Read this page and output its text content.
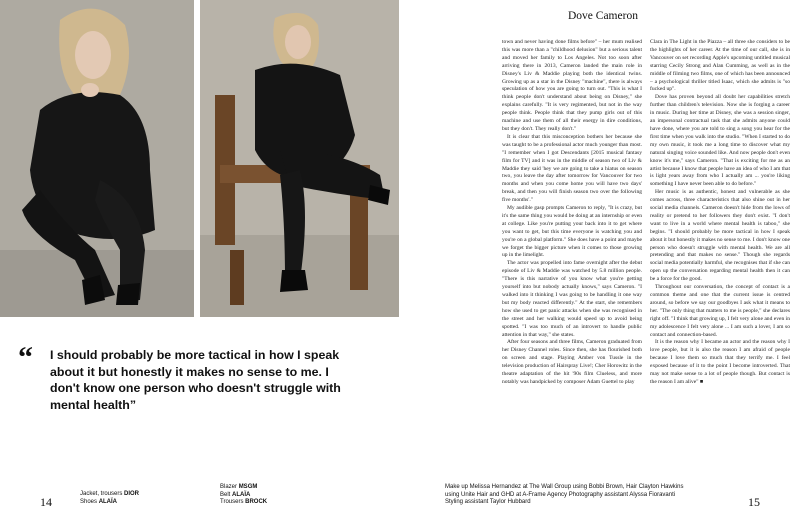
“ I should probably be more tactical in how I speak about it but honestly it makes no sense to me. I don't know one person who doesn't struggle with mental health”

14
Jacket, trousers DIOR
Shoes ALAÏA
Blazer MSGM
Belt ALAÏA
Trousers BROCK
Dove Cameron

town and never having done films before" – her mum realised this was more than a "childhood delusion" but a serious talent and moved her family to Los Angeles. Not too soon after arriving there in 2013, Cameron landed the main role in Disney's Liv & Maddie playing both the identical twins. Growing up as a star in the Disney "machine", there is always speculation of how you are going to turn out. "This is what I think people don't understand about being on Disney," she explains carefully. "It is very regimented, but not in the way people think. People think that they pump girls out of this machine and use them of all their energy in dire conditions, but they don't. They really don't."

It is clear that this misconception bothers her because she was taught to be a professional actor much younger than most. "I remember when I got Descendants [2015 musical fantasy film for TV] and it was in the middle of season two of Liv & Maddie they said 'hey we are going to take a hiatus on season two, you leave the day after tomorrow for Vancouver for two months and when you come home you will have two days' break, and then you will finish season two over the following five months'."

My audible gasp prompts Cameron to reply, "It is crazy, but it's the same thing you would be doing at an internship or even at college. Like you're putting your back into it to get where you want to get, but this time everyone is watching you and you're on a global platform." She does have a point and maybe we forget the bigger picture when it comes to those growing up in the limelight.

The actor was propelled into fame overnight after the debut episode of Liv & Maddie was watched by 5.8 million people. "There is this narrative of you know what you're getting yourself into but nobody actually knows," says Cameron. "I walked into it thinking I was going to be handling it one way but my body reacted differently." At the start, she remembers how she used to get panic attacks when she was recognised in the street and her walking would speed up to avoid being spotted. "I was too much of an introvert to handle public attention in that way," she states.

After four seasons and three films, Cameron graduated from her Disney Channel roles. Since then, she has flourished both on screen and stage. Playing Amber von Tussle in the television production of Hairspray Live!; Cher Horowitz in the theatre adaptation of the hit '90s film Clueless, and more notably was handpicked by composer Adam Guettel to play

Clara in The Light in the Piazza – all three she considers to be the highlights of her career. At the time of our call, she is in Vancouver on set recording Apple's upcoming untitled musical starring Cecily Strong and Alan Cumming, as well as in the middle of filming two films, one of which has been announced – a psychological thriller titled Isaac, which she admits is "so fucked up".

Dove has proven beyond all doubt her capabilities stretch further than children's television. Now she is forging a career in music. During her time at Disney, she was a session singer, an impersonal contractual task that she admits anyone could have done, where you are told to sing a song you hear for the first time when you walk into the studio. "When I started to do my own music, it took me a long time to discover what my natural singing voice sounded like. And now people don't even know it's me," says Cameron. "That is exciting for me as an artist because I know that people have an idea of who I am that is light years away from who I actually am ... you're liking something I have never been able to do before."

Her music is as authentic, honest and vulnerable as she comes across, three characteristics that also shine out in her social media channels. Cameron doesn't hide from the lows of reality or pretend to her followers they don't exist. "I don't want to live in a world where mental health is taboo," she begins. "I should probably be more tactical in how I speak about it but honestly it makes no sense to me. I don't know one person who doesn't struggle with mental health. We are all pretending and that makes no sense." Though she regards social media potentially harmful, she recognises that if she can open up the conversation regarding mental health then it can be a force for the good.

Throughout our conversation, the concept of contact is a common theme and one that the current issue is centred around, so before we say our goodbyes I ask what it means to her. "The only thing that matters to me is people," she declares right off. "I think that growing up, I felt very alone and even in my adolescence I felt very alone ... I am such a lover, I am so contact and connection-based.

It is the reason why I became an actor and the reason why I love people, but it is also the reason I am afraid of people because I love them so much that they terrify me. I feel exposed because of it to the point I become introverted. That may not make sense to a lot of people though. But contact is the reason I am alive" ■

Make up Melissa Hernandez at The Wall Group using Bobbi Brown, Hair Clayton Hawkins
using Unite Hair and GHD at A-Frame Agency Photography assistant Alyssa Fioravanti
Styling assistant Taylor Hubbard	15
